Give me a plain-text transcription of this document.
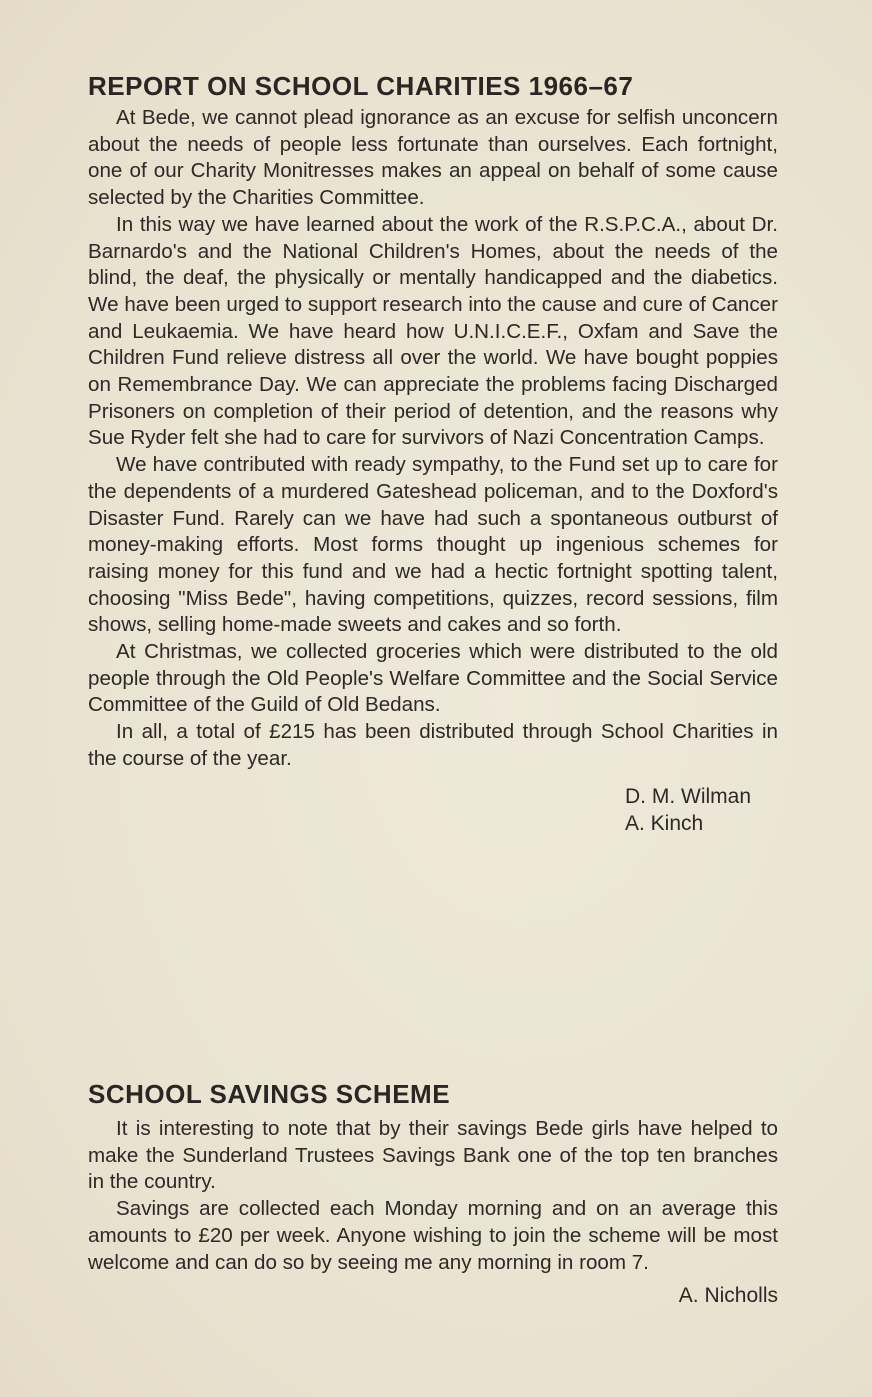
REPORT ON SCHOOL CHARITIES 1966–67

At Bede, we cannot plead ignorance as an excuse for selfish unconcern about the needs of people less fortunate than ourselves. Each fortnight, one of our Charity Monitresses makes an appeal on behalf of some cause selected by the Charities Committee.

In this way we have learned about the work of the R.S.P.C.A., about Dr. Barnardo's and the National Children's Homes, about the needs of the blind, the deaf, the physically or mentally handicapped and the diabetics. We have been urged to support research into the cause and cure of Cancer and Leukaemia. We have heard how U.N.I.C.E.F., Oxfam and Save the Children Fund relieve distress all over the world. We have bought poppies on Remembrance Day. We can appreciate the problems facing Discharged Prisoners on completion of their period of detention, and the reasons why Sue Ryder felt she had to care for survivors of Nazi Concentration Camps.

We have contributed with ready sympathy, to the Fund set up to care for the dependents of a murdered Gateshead policeman, and to the Doxford's Disaster Fund. Rarely can we have had such a spontaneous outburst of money-making efforts. Most forms thought up ingenious schemes for raising money for this fund and we had a hectic fortnight spotting talent, choosing "Miss Bede", having competitions, quizzes, record sessions, film shows, selling home-made sweets and cakes and so forth.

At Christmas, we collected groceries which were distributed to the old people through the Old People's Welfare Committee and the Social Service Committee of the Guild of Old Bedans.

In all, a total of £215 has been distributed through School Charities in the course of the year.

D. M. Wilman
A. Kinch
SCHOOL SAVINGS SCHEME

It is interesting to note that by their savings Bede girls have helped to make the Sunderland Trustees Savings Bank one of the top ten branches in the country.

Savings are collected each Monday morning and on an average this amounts to £20 per week. Anyone wishing to join the scheme will be most welcome and can do so by seeing me any morning in room 7.

A. Nicholls
